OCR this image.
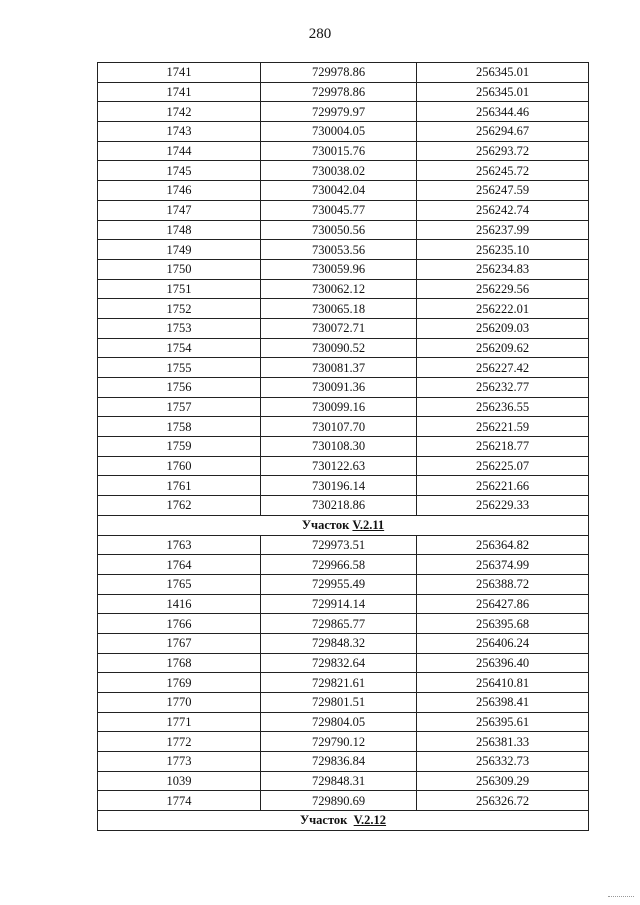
280
1741	729978.86	256345.01
1741	729978.86	256345.01
1742	729979.97	256344.46
1743	730004.05	256294.67
1744	730015.76	256293.72
1745	730038.02	256245.72
1746	730042.04	256247.59
1747	730045.77	256242.74
1748	730050.56	256237.99
1749	730053.56	256235.10
1750	730059.96	256234.83
1751	730062.12	256229.56
1752	730065.18	256222.01
1753	730072.71	256209.03
1754	730090.52	256209.62
1755	730081.37	256227.42
1756	730091.36	256232.77
1757	730099.16	256236.55
1758	730107.70	256221.59
1759	730108.30	256218.77
1760	730122.63	256225.07
1761	730196.14	256221.66
1762	730218.86	256229.33
Участок V.2.11		
1763	729973.51	256364.82
1764	729966.58	256374.99
1765	729955.49	256388.72
1416	729914.14	256427.86
1766	729865.77	256395.68
1767	729848.32	256406.24
1768	729832.64	256396.40
1769	729821.61	256410.81
1770	729801.51	256398.41
1771	729804.05	256395.61
1772	729790.12	256381.33
1773	729836.84	256332.73
1039	729848.31	256309.29
1774	729890.69	256326.72
Участок  V.2.12		
